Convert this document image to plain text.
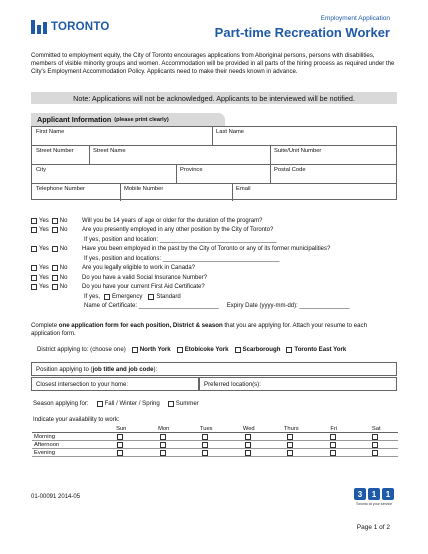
TORONTO
Employment Application
Part-time Recreation Worker
Committed to employment equity, the City of Toronto encourages applications from Aboriginal persons, persons with disabilities, members of visible minority groups and women. Accommodation will be provided in all parts of the hiring process as required under the City's Employment Accommodation Policy. Applicants need to make their needs known in advance.
Note: Applications will not be acknowledged. Applicants to be interviewed will be notified.
Applicant Information (please print clearly)
First Name	Last Name
Street Number	Street Name	Suite/Unit Number
City	Province	Postal Code
Telephone Number	Mobile Number	Email
Yes No Will you be 14 years of age or older for the duration of the program?
Yes No Are you presently employed in any other position by the City of Toronto?
If yes, position and location: ___________________________________
Yes No Have you been employed in the past by the City of Toronto or any of its former municipalities?
If yes, position and locations: ___________________________________
Yes No Are you legally eligible to work in Canada?
Yes No Do you have a valid Social Insurance Number?
Yes No Do you have your current First Aid Certificate?
If yes, Emergency Standard
Name of Certificate: ________________________ Expiry Date (yyyy-mm-dd): _______________
Complete one application form for each position, District & season that you are applying for. Attach your resume to each application form.
District applying to: (choose one) North York Etobicoke York Scarborough Toronto East York
Position applying to ( job title and job code ):
Closest intersection to your home:	Preferred location(s):
Season applying for:	Fall / Winter / Spring	Summer
Indicate your availability to work:
Sun	Mon	Tues	Wed	Thurs	Fri	Sat
Morning
Afternoon
Evening
01-00091 2014-05	3	1	1
Toronto at your service
Page 1 of 2
